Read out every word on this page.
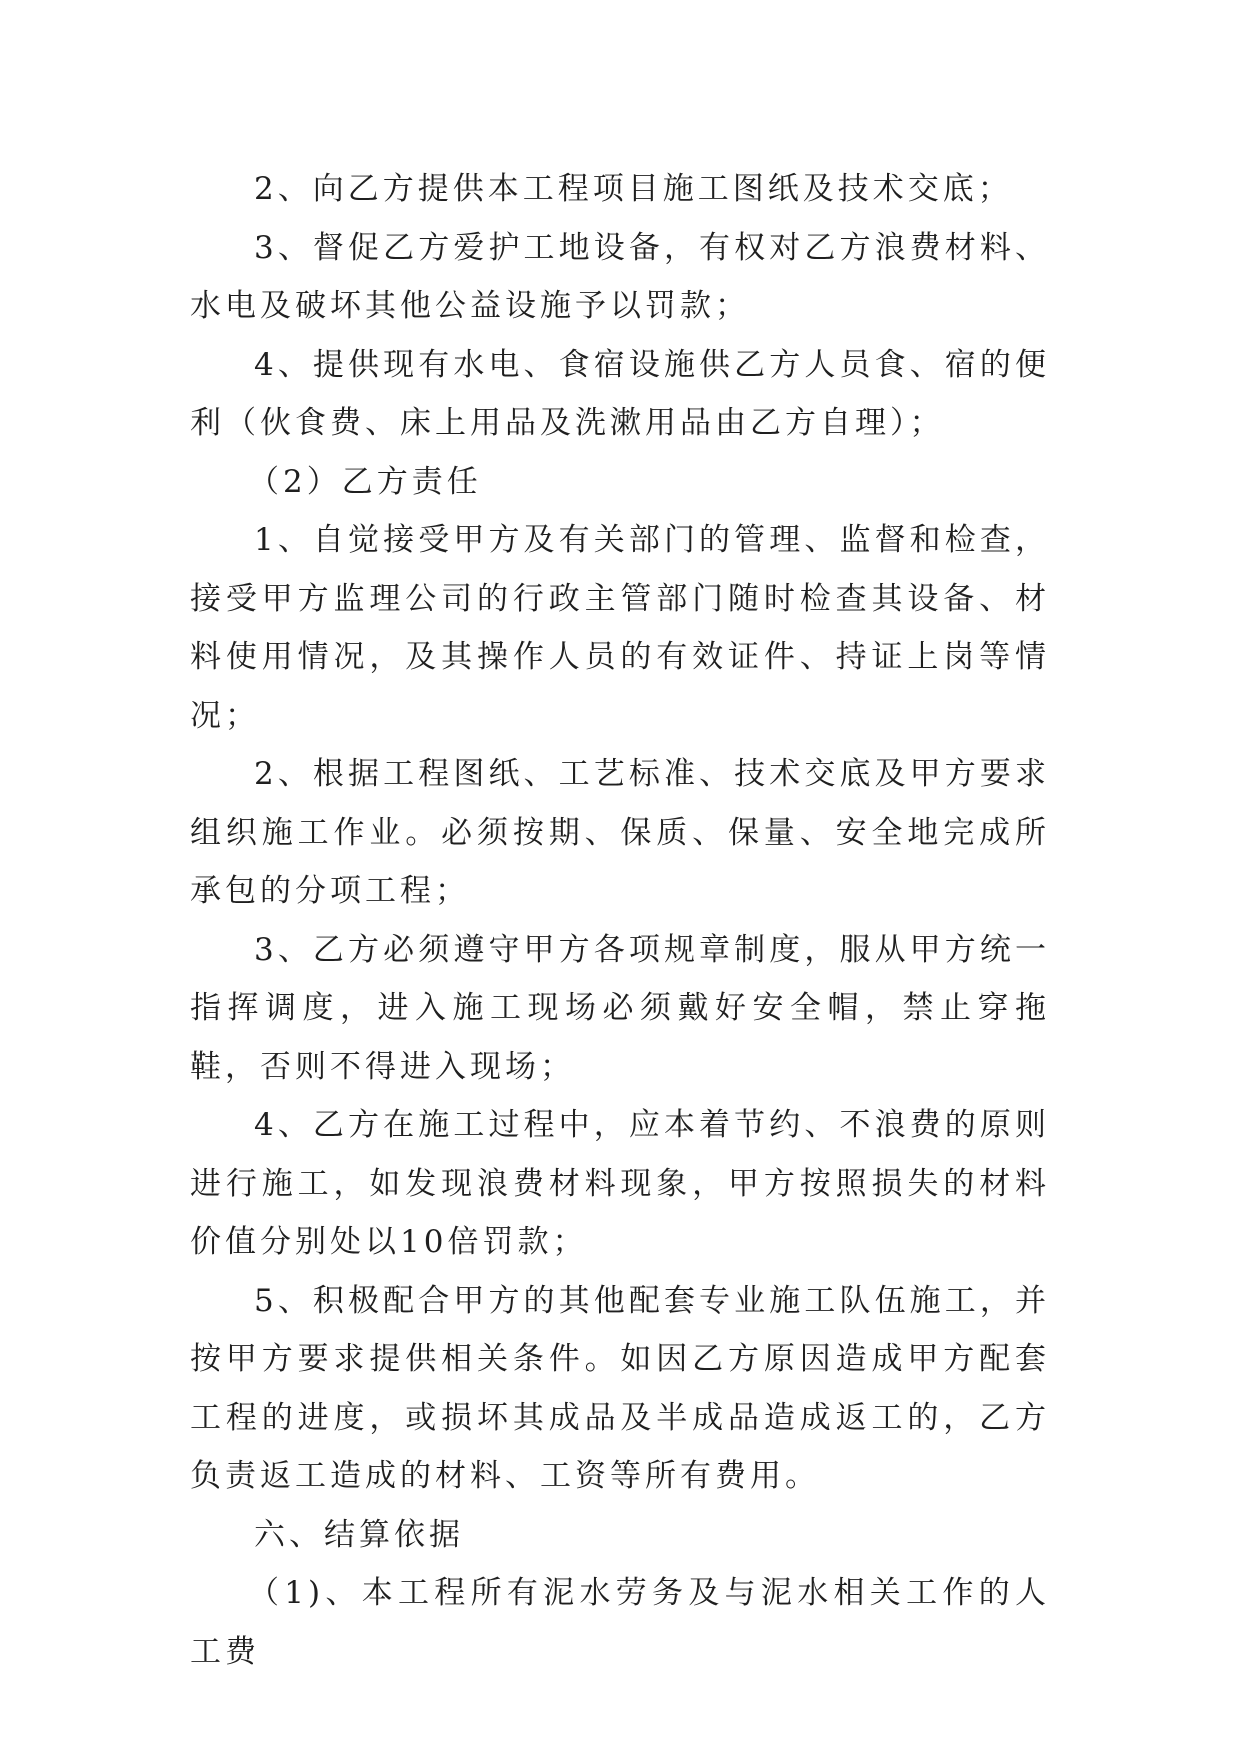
2、向乙方提供本工程项目施工图纸及技术交底；

3、督促乙方爱护工地设备，有权对乙方浪费材料、水电及破坏其他公益设施予以罚款；

4、提供现有水电、食宿设施供乙方人员食、宿的便利（伙食费、床上用品及洗漱用品由乙方自理）；

（2）乙方责任

1、自觉接受甲方及有关部门的管理、监督和检查，接受甲方监理公司的行政主管部门随时检查其设备、材料使用情况，及其操作人员的有效证件、持证上岗等情况；

2、根据工程图纸、工艺标准、技术交底及甲方要求组织施工作业。必须按期、保质、保量、安全地完成所承包的分项工程；

3、乙方必须遵守甲方各项规章制度，服从甲方统一指挥调度，进入施工现场必须戴好安全帽，禁止穿拖鞋，否则不得进入现场；

4、乙方在施工过程中，应本着节约、不浪费的原则进行施工，如发现浪费材料现象，甲方按照损失的材料价值分别处以10倍罚款；

5、积极配合甲方的其他配套专业施工队伍施工，并按甲方要求提供相关条件。如因乙方原因造成甲方配套工程的进度，或损坏其成品及半成品造成返工的，乙方负责返工造成的材料、工资等所有费用。

六、结算依据

（1)、本工程所有泥水劳务及与泥水相关工作的人工费
